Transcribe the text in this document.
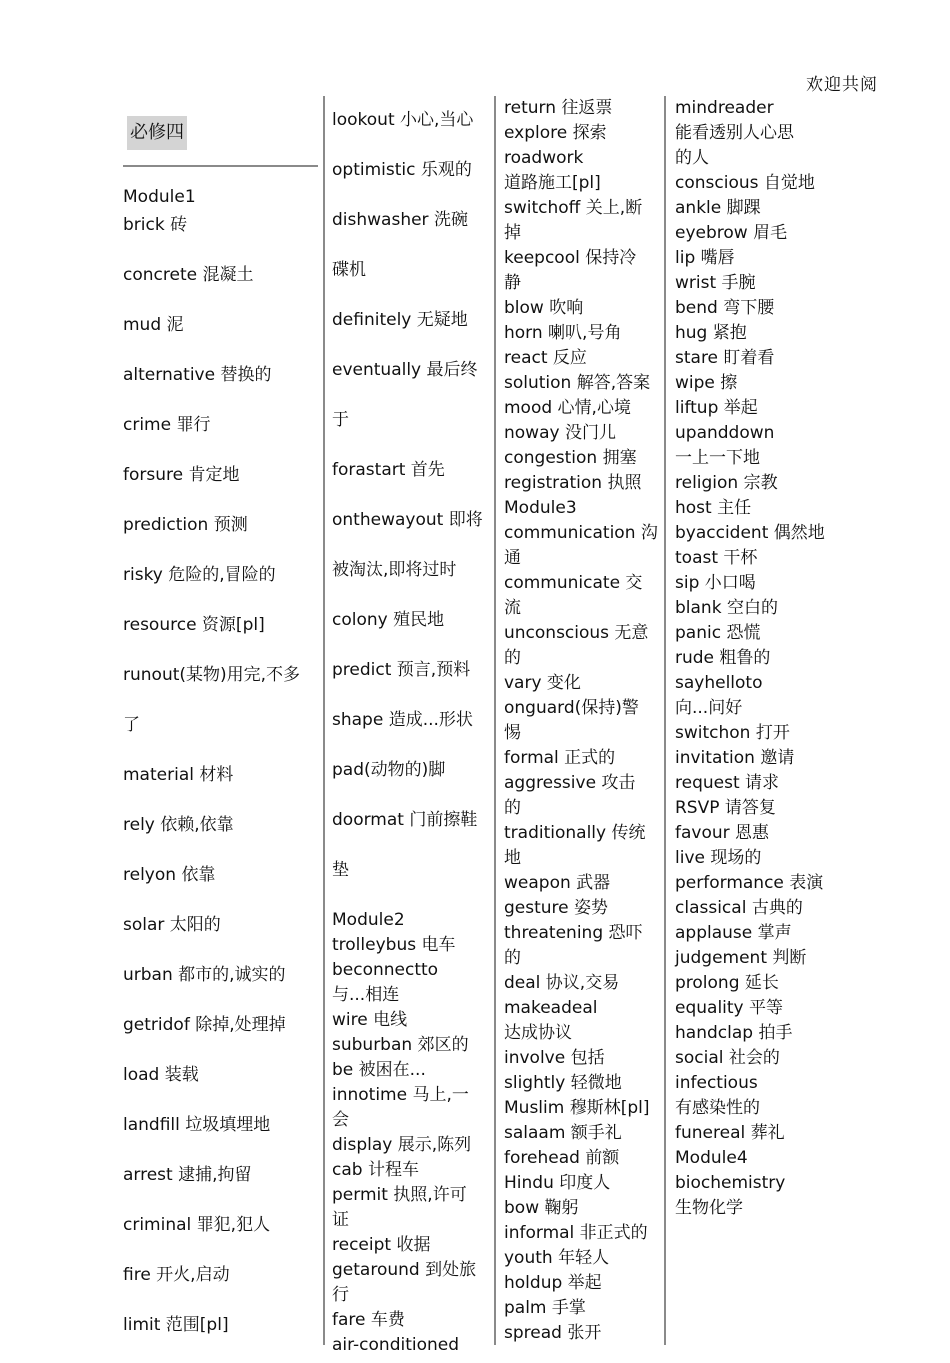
欢迎共阅
必修四
Module1
brick 砖
concrete 混凝土
mud 泥
alternative 替换的
crime 罪行
forsure 肯定地
prediction 预测
risky 危险的,冒险的
resource 资源[pl]
runout(某物)用完,不多
了
material 材料
rely 依赖,依靠
relyon 依靠
solar 太阳的
urban 都市的,诚实的
getridof 除掉,处理掉
load 装载
landfill 垃圾填埋地
arrest 逮捕,拘留
criminal 罪犯,犯人
fire 开火,启动
limit 范围[pl]
lookout 小心,当心
optimistic 乐观的
dishwasher 洗碗
碟机
definitely 无疑地
eventually 最后终
于
forastart 首先
onthewayout 即将
被淘汰,即将过时
colony 殖民地
predict 预言,预料
shape 造成...形状
pad(动物的)脚
doormat 门前擦鞋
垫
Module2
trolleybus 电车
beconnectto
与...相连
wire 电线
suburban 郊区的
be 被困在...
innotime 马上,一
会
display 展示,陈列
cab 计程车
permit 执照,许可
证
receipt 收据
getaround 到处旅
行
fare 车费
air-conditioned
return 往返票
explore 探索
roadwork
道路施工[pl]
switchoff 关上,断
掉
keepcool 保持冷
静
blow 吹响
horn 喇叭,号角
react 反应
solution 解答,答案
mood 心情,心境
noway 没门儿
congestion 拥塞
registration 执照
Module3
communication 沟
通
communicate 交
流
unconscious 无意
的
vary 变化
onguard(保持)警
惕
formal 正式的
aggressive 攻击
的
traditionally 传统
地
weapon 武器
gesture 姿势
threatening 恐吓
的
deal 协议,交易
makeadeal
达成协议
involve 包括
slightly 轻微地
Muslim 穆斯林[pl]
salaam 额手礼
forehead 前额
Hindu 印度人
bow 鞠躬
informal 非正式的
youth 年轻人
holdup 举起
palm 手掌
spread 张开
mindreader
能看透别人心思
的人
conscious 自觉地
ankle 脚踝
eyebrow 眉毛
lip 嘴唇
wrist 手腕
bend 弯下腰
hug 紧抱
stare 盯着看
wipe 擦
liftup 举起
upanddown
一上一下地
religion 宗教
host 主任
byaccident 偶然地
toast 干杯
sip 小口喝
blank 空白的
panic 恐慌
rude 粗鲁的
sayhelloto
向...问好
switchon 打开
invitation 邀请
request 请求
RSVP 请答复
favour 恩惠
live 现场的
performance 表演
classical 古典的
applause 掌声
judgement 判断
prolong 延长
equality 平等
handclap 拍手
social 社会的
infectious
有感染性的
funereal 葬礼
Module4
biochemistry
生物化学
